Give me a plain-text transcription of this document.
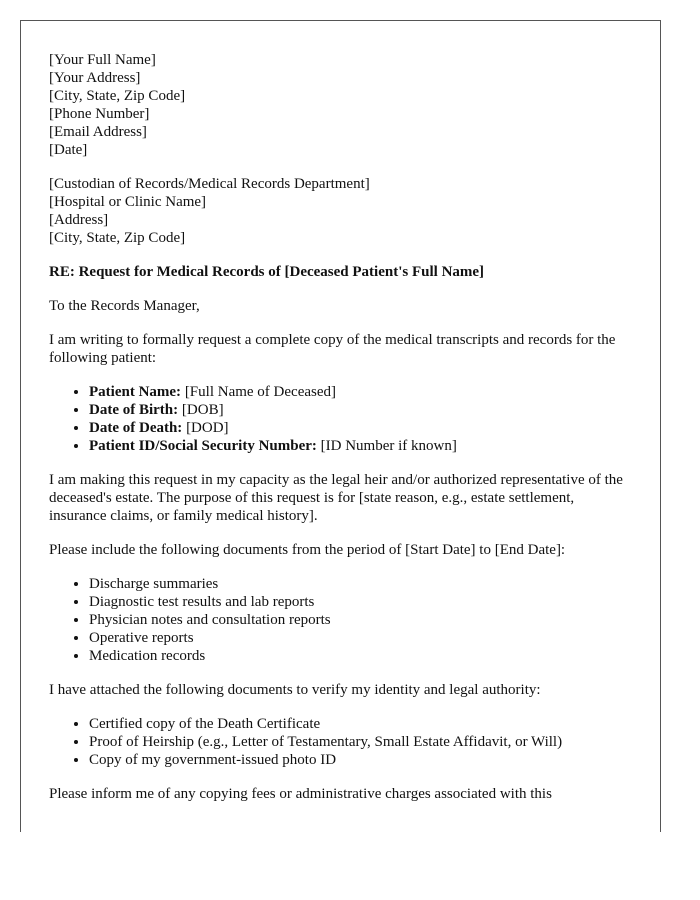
[Your Full Name]
[Your Address]
[City, State, Zip Code]
[Phone Number]
[Email Address]
[Date]
[Custodian of Records/Medical Records Department]
[Hospital or Clinic Name]
[Address]
[City, State, Zip Code]

RE: Request for Medical Records of [Deceased Patient's Full Name]

To the Records Manager,

I am writing to formally request a complete copy of the medical transcripts and records for the following patient:

• Patient Name: [Full Name of Deceased]
• Date of Birth: [DOB]
• Date of Death: [DOD]
• Patient ID/Social Security Number: [ID Number if known]

I am making this request in my capacity as the legal heir and/or authorized representative of the deceased's estate. The purpose of this request is for [state reason, e.g., estate settlement, insurance claims, or family medical history].

Please include the following documents from the period of [Start Date] to [End Date]:

• Discharge summaries
• Diagnostic test results and lab reports
• Physician notes and consultation reports
• Operative reports
• Medication records

I have attached the following documents to verify my identity and legal authority:

• Certified copy of the Death Certificate
• Proof of Heirship (e.g., Letter of Testamentary, Small Estate Affidavit, or Will)
• Copy of my government-issued photo ID

Please inform me of any copying fees or administrative charges associated with this
